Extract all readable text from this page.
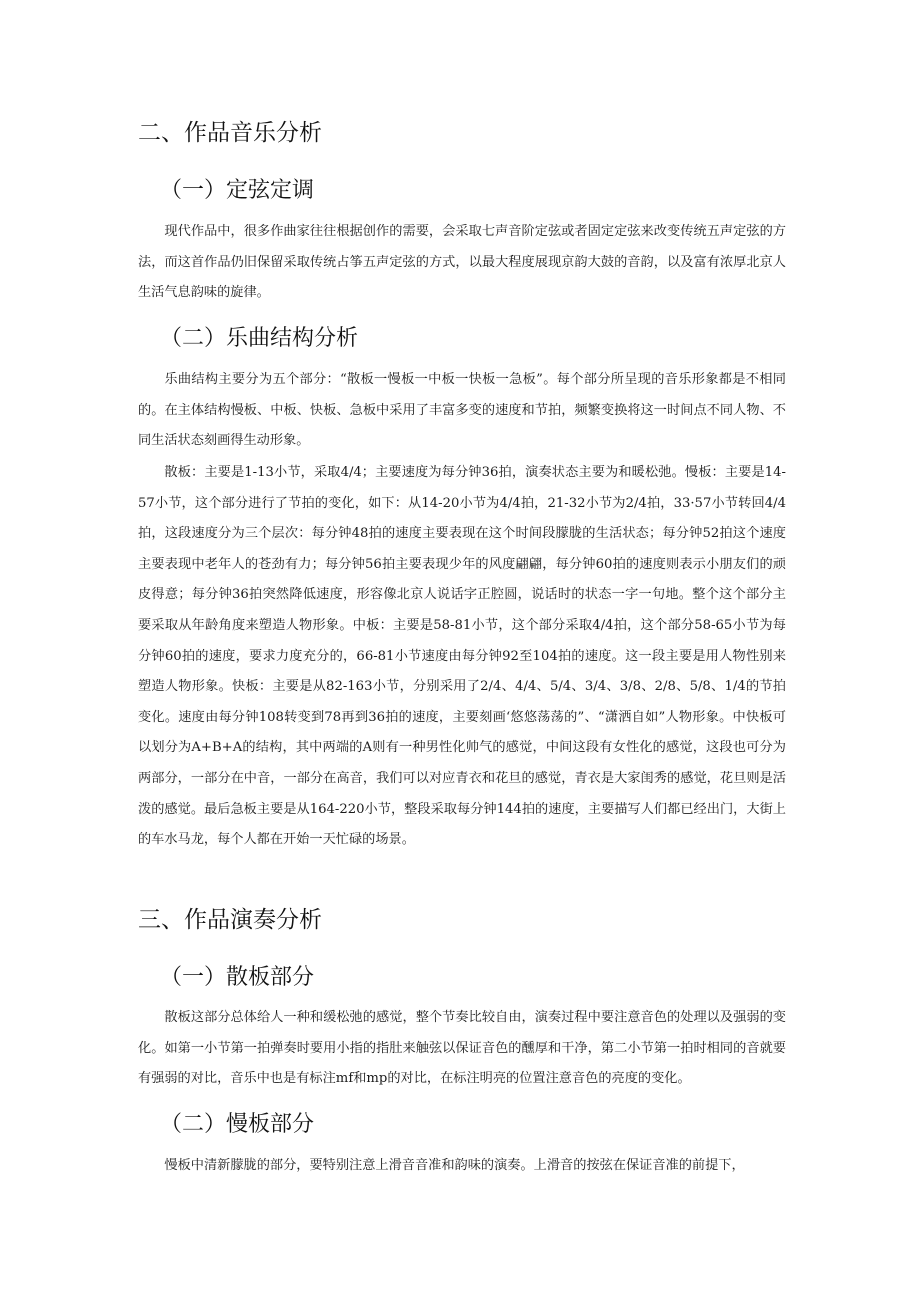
二、作品音乐分析
（一）定弦定调

现代作品中，很多作曲家往往根据创作的需要，会采取七声音阶定弦或者固定定弦来改变传统五声定弦的方法，而这首作品仍旧保留采取传统占筝五声定弦的方式，以最大程度展现京韵大鼓的音韵，以及富有浓厚北京人生活气息韵味的旋律。

（二）乐曲结构分析

乐曲结构主要分为五个部分：“散板一慢板一中板一快板一急板”。每个部分所呈现的音乐形象都是不相同的。在主体结构慢板、中板、快板、急板中采用了丰富多变的速度和节拍，频繁变换将这一时间点不同人物、不同生活状态刻画得生动形象。

散板：主要是1-13小节，采取4/4；主要速度为每分钟36拍，演奏状态主要为和暖松弛。慢板：主要是14-57小节，这个部分进行了节拍的变化，如下：从14-20小节为4/4拍，21-32小节为2/4拍，33·57小节转回4/4拍，这段速度分为三个层次：每分钟48拍的速度主要表现在这个时间段朦胧的生活状态；每分钟52拍这个速度主要表现中老年人的苍劲有力；每分钟56拍主要表现少年的风度翩翩，每分钟60拍的速度则表示小朋友们的顽皮得意；每分钟36拍突然降低速度，形容像北京人说话字正腔圆，说话时的状态一字一句地。整个这个部分主要采取从年龄角度来塑造人物形象。中板：主要是58-81小节，这个部分采取4/4拍，这个部分58-65小节为每分钟60拍的速度，要求力度充分的，66-81小节速度由每分钟92至104拍的速度。这一段主要是用人物性别来塑造人物形象。快板：主要是从82-163小节，分别采用了2/4、4/4、5/4、3/4、3/8、2/8、5/8、1/4的节拍变化。速度由每分钟108转变到78再到36拍的速度，主要刻画‘悠悠荡荡的”、“潇洒自如”人物形象。中快板可以划分为A+B+A的结构，其中两端的A则有一种男性化帅气的感觉，中间这段有女性化的感觉，这段也可分为两部分，一部分在中音，一部分在高音，我们可以对应青衣和花旦的感觉，青衣是大家闺秀的感觉，花旦则是活泼的感觉。最后急板主要是从164-220小节，整段采取每分钟144拍的速度，主要描写人们都已经出门，大街上的车水马龙，每个人都在开始一天忙碌的场景。

三、作品演奏分析
（一）散板部分

散板这部分总体给人一种和缓松弛的感觉，整个节奏比较自由，演奏过程中要注意音色的处理以及强弱的变化。如第一小节第一拍弹奏时要用小指的指肚来触弦以保证音色的醺厚和干净，第二小节第一拍时相同的音就要有强弱的对比，音乐中也是有标注mf和mp的对比，在标注明亮的位置注意音色的亮度的变化。

（二）慢板部分

慢板中清新朦胧的部分，要特别注意上滑音音准和韵味的演奏。上滑音的按弦在保证音准的前提下，
